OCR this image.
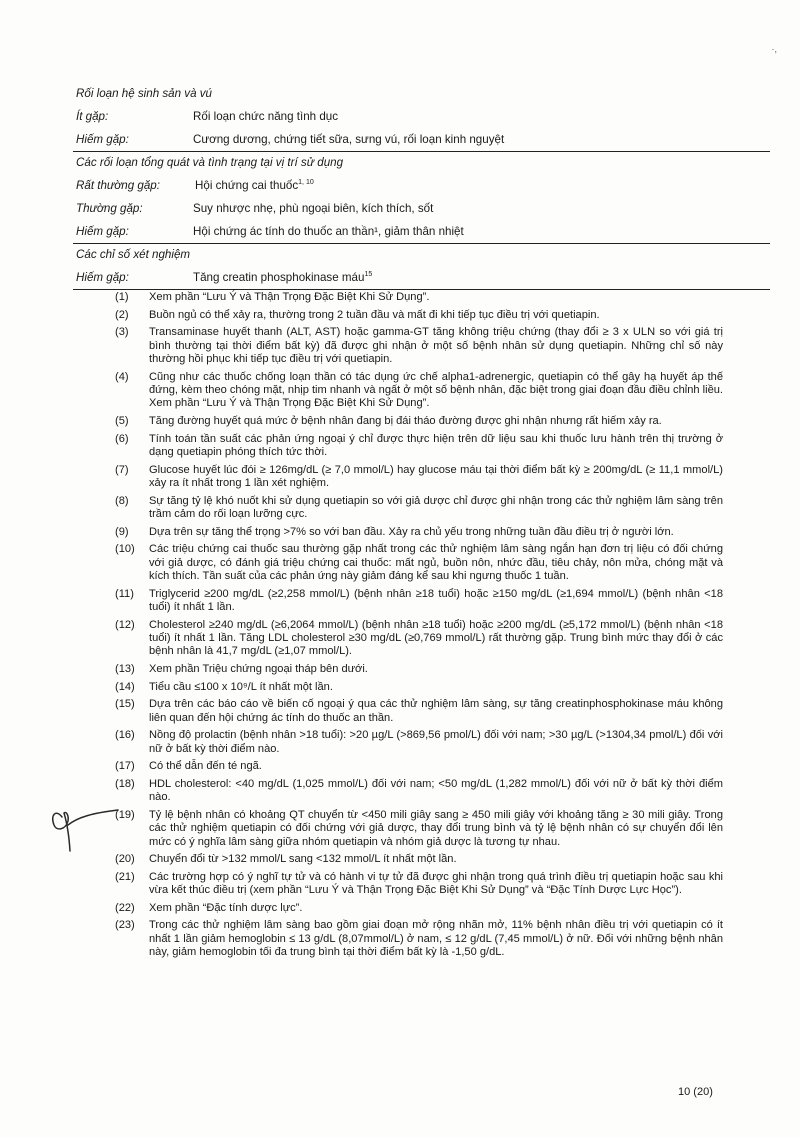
·,
Rối loạn hệ sinh sản và vú
Ít gặp:	Rối loạn chức năng tình dục
Hiếm gặp:	Cương dương, chứng tiết sữa, sưng vú, rối loạn kinh nguyệt
Các rối loạn tổng quát và tình trạng tại vị trí sử dụng
Rất thường gặp:	Hội chứng cai thuốc$^{1, 10}$
Thường gặp:	Suy nhược nhẹ, phù ngoại biên, kích thích, sốt
Hiếm gặp:	Hội chứng ác tính do thuốc an thần¹, giảm thân nhiệt
Các chỉ số xét nghiệm
Hiếm gặp:	Tăng creatin phosphokinase máu$^{15}$
(1) Xem phần “Lưu Ý và Thận Trọng Đặc Biệt Khi Sử Dụng”.
(2) Buồn ngủ có thể xảy ra, thường trong 2 tuần đầu và mất đi khi tiếp tục điều trị với quetiapin.
(3) Transaminase huyết thanh (ALT, AST) hoặc gamma-GT tăng không triệu chứng (thay đổi ≥ 3 x ULN so với giá trị bình thường tại thời điểm bất kỳ) đã được ghi nhận ở một số bệnh nhân sử dụng quetiapin. Những chỉ số này thường hồi phục khi tiếp tục điều trị với quetiapin.
(4) Cũng như các thuốc chống loạn thần có tác dụng ức chế alpha1-adrenergic, quetiapin có thể gây hạ huyết áp thế đứng, kèm theo chóng mặt, nhịp tim nhanh và ngất ở một số bệnh nhân, đặc biệt trong giai đoạn đầu điều chỉnh liều. Xem phần “Lưu Ý và Thận Trọng Đặc Biệt Khi Sử Dụng”.
(5) Tăng đường huyết quá mức ở bệnh nhân đang bị đái tháo đường được ghi nhận nhưng rất hiếm xảy ra.
(6) Tính toán tần suất các phản ứng ngoại ý chỉ được thực hiện trên dữ liệu sau khi thuốc lưu hành trên thị trường ở dạng quetiapin phóng thích tức thời.
(7) Glucose huyết lúc đói ≥ 126mg/dL (≥ 7,0 mmol/L) hay glucose máu tại thời điểm bất kỳ ≥ 200mg/dL (≥ 11,1 mmol/L) xảy ra ít nhất trong 1 lần xét nghiệm.
(8) Sự tăng tỷ lệ khó nuốt khi sử dụng quetiapin so với giả dược chỉ được ghi nhận trong các thử nghiệm lâm sàng trên trầm cảm do rối loạn lưỡng cực.
(9) Dựa trên sự tăng thể trọng >7% so với ban đầu. Xảy ra chủ yếu trong những tuần đầu điều trị ở người lớn.
(10) Các triệu chứng cai thuốc sau thường gặp nhất trong các thử nghiệm lâm sàng ngắn hạn đơn trị liệu có đối chứng với giả dược, có đánh giá triệu chứng cai thuốc: mất ngủ, buồn nôn, nhức đầu, tiêu chảy, nôn mửa, chóng mặt và kích thích. Tần suất của các phản ứng này giảm đáng kể sau khi ngưng thuốc 1 tuần.
(11) Triglycerid ≥200 mg/dL (≥2,258 mmol/L) (bệnh nhân ≥18 tuổi) hoặc ≥150 mg/dL (≥1,694 mmol/L) (bệnh nhân <18 tuổi) ít nhất 1 lần.
(12) Cholesterol ≥240 mg/dL (≥6,2064 mmol/L) (bệnh nhân ≥18 tuổi) hoặc ≥200 mg/dL (≥5,172 mmol/L) (bệnh nhân <18 tuổi) ít nhất 1 lần. Tăng LDL cholesterol ≥30 mg/dL (≥0,769 mmol/L) rất thường gặp. Trung bình mức thay đổi ở các bệnh nhân là 41,7 mg/dL (≥1,07 mmol/L).
(13) Xem phần Triệu chứng ngoại tháp bên dưới.
(14) Tiểu cầu ≤100 x 10⁹/L ít nhất một lần.
(15) Dựa trên các báo cáo về biến cố ngoại ý qua các thử nghiệm lâm sàng, sự tăng creatinphosphokinase máu không liên quan đến hội chứng ác tính do thuốc an thần.
(16) Nồng độ prolactin (bệnh nhân >18 tuổi): >20 µg/L (>869,56 pmol/L) đối với nam; >30 µg/L (>1304,34 pmol/L) đối với nữ ở bất kỳ thời điểm nào.
(17) Có thể dẫn đến té ngã.
(18) HDL cholesterol: <40 mg/dL (1,025 mmol/L) đối với nam; <50 mg/dL (1,282 mmol/L) đối với nữ ở bất kỳ thời điểm nào.
(19) Tỷ lệ bệnh nhân có khoảng QT chuyển từ <450 mili giây sang ≥ 450 mili giây với khoảng tăng ≥ 30 mili giây. Trong các thử nghiệm quetiapin có đối chứng với giả dược, thay đổi trung bình và tỷ lệ bệnh nhân có sự chuyển đổi lên mức có ý nghĩa lâm sàng giữa nhóm quetiapin và nhóm giả dược là tương tự nhau.
(20) Chuyển đổi từ >132 mmol/L sang <132 mmol/L ít nhất một lần.
(21) Các trường hợp có ý nghĩ tự tử và có hành vi tự tử đã được ghi nhận trong quá trình điều trị quetiapin hoặc sau khi vừa kết thúc điều trị (xem phần “Lưu Ý và Thận Trọng Đặc Biệt Khi Sử Dụng” và “Đặc Tính Dược Lực Học”).
(22) Xem phần “Đặc tính dược lực”.
(23) Trong các thử nghiệm lâm sàng bao gồm giai đoạn mở rộng nhãn mở, 11% bệnh nhân điều trị với quetiapin có ít nhất 1 lần giảm hemoglobin ≤ 13 g/dL (8,07mmol/L) ở nam, ≤ 12 g/dL (7,45 mmol/L) ở nữ. Đối với những bệnh nhân này, giảm hemoglobin tối đa trung bình tại thời điểm bất kỳ là -1,50 g/dL.
10 (20)
